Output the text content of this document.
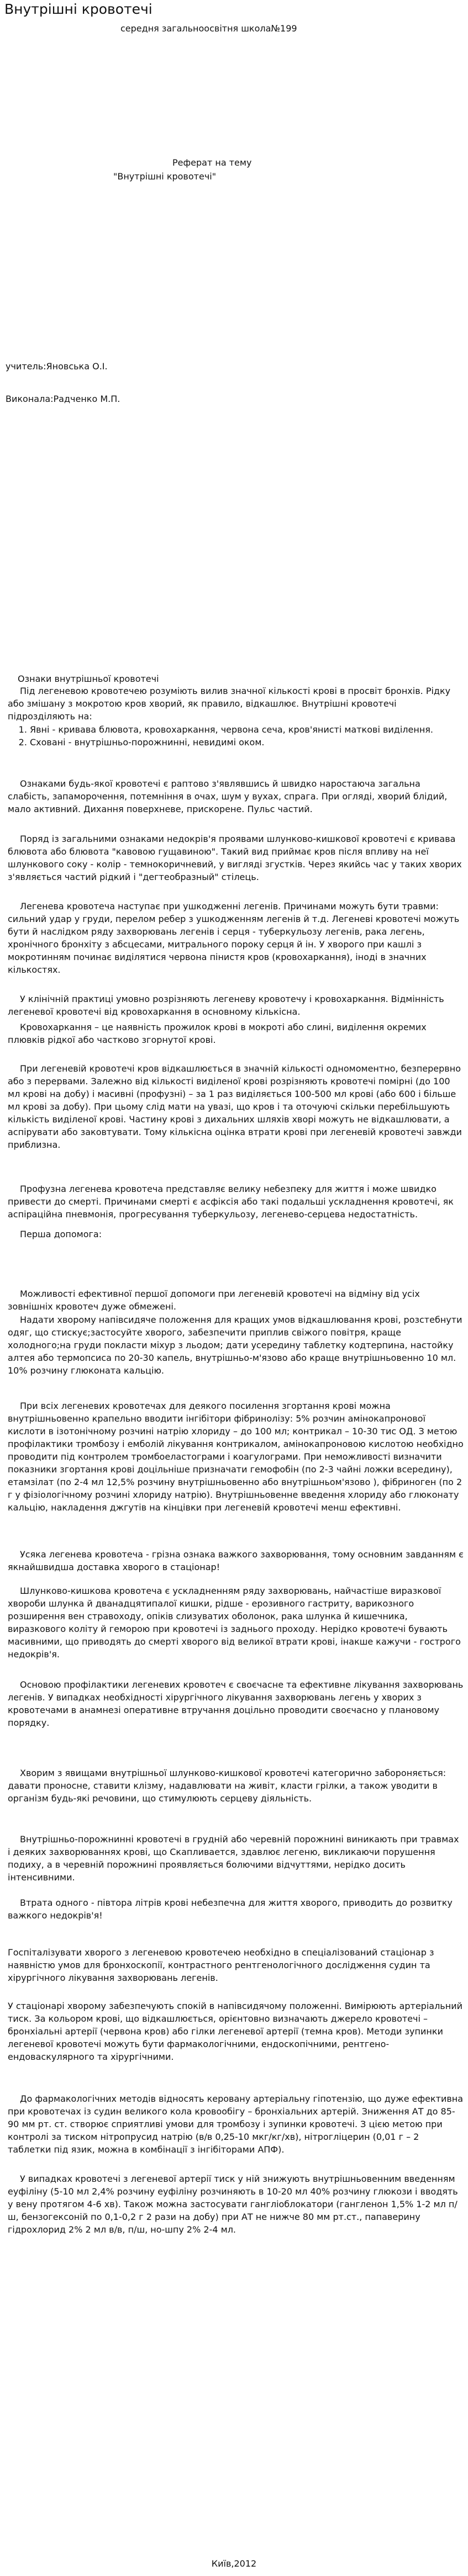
Внутрішні кровотечі
середня загальноосвітня школа№199
Реферат на тему
"Внутрішні кровотечі"
учитель:Яновська О.І.
Виконала:Радченко М.П.
Ознаки внутрішньої кровотечі

Під легеневою кровотечею розуміють вилив значної кількості крові в просвіт бронхів. Рідку або змішану з мокротою кров хворий, як правило, відкашлює. Внутрішні кровотечі підрозділяють на:

1. Явні - кривава блювота, кровохаркання, червона сеча, кров'янисті маткові виділення.
2. Сховані - внутрішньо-порожнинні, невидимі оком.

Ознаками будь-якої кровотечі є раптово з'являвшись й швидко наростаюча загальна слабість, запаморочення, потемніння в очах, шум у вухах, спрага. При огляді, хворий блідий, мало активний. Дихання поверхневе, прискорене. Пульс частий.

Поряд із загальними ознаками недокрів'я проявами шлунково-кишкової кровотечі є кривава блювота або блювота "кавовою гущавиною". Такий вид приймає кров після впливу на неї шлункового соку - колір - темнокоричневий, у вигляді згустків. Через якийсь час у таких хворих з'являється частий рідкий і "дегтеобразный" стілець.

Легенева кровотеча наступає при ушкодженні легенів. Причинами можуть бути травми: сильний удар у груди, перелом ребер з ушкодженням легенів й т.д. Легеневі кровотечі можуть бути й наслідком ряду захворювань легенів і серця - туберкульозу легенів, рака легень, хронічного бронхіту з абсцесами, митрального пороку серця й ін. У хворого при кашлі з мокротинням починає виділятися червона пінистя кров (кровохаркання), іноді в значних кількостях.

У клінічній практиці умовно розрізняють легеневу кровотечу і кровохаркання. Відмінність легеневої кровотечі від кровохаркання в основному кількісна.

Кровохаркання – це наявність прожилок крові в мокроті або слині, виділення окремих плювків рідкої або частково згорнутої крові.

При легеневій кровотечі кров відкашлюється в значній кількості одномоментно, безперервно або з перервами. Залежно від кількості виділеної крові розрізняють кровотечі помірні (до 100 мл крові на добу) і масивні (профузні) – за 1 раз виділяється 100-500 мл крові (або 600 і більше мл крові за добу). При цьому слід мати на увазі, що кров і та оточуючі скільки перебільшують кількість виділеної крові. Частину крові з дихальних шляхів хворі можуть не відкашлювати, а аспірувати або заковтувати. Тому кількісна оцінка втрати крові при легеневій кровотечі завжди приблизна.

Профузна легенева кровотеча представляє велику небезпеку для життя і може швидко привести до смерті. Причинами смерті є асфіксія або такі подальші ускладнення кровотечі, як аспіраційна пневмонія, прогресування туберкульозу, легенево-серцева недостатність.

Перша допомога:

Можливості ефективної першої допомоги при легеневій кровотечі на відміну від усіх зовнішніх кровотеч дуже обмежені.

Надати хворому напівсидяче положення для кращих умов відкашлювання крові, розстебнути одяг, що стискує;застосуйте хворого, забезпечити приплив свіжого повітря, краще холодного;на груди покласти міхур з льодом; дати усередину таблетку кодтерпина, настойку алтея або термопсиса по 20-30 капель, внутрішньо-м'язово або краще внутрішньовенно 10 мл. 10% розчину глюконата кальцію.

При всіх легеневих кровотечах для деякого посилення згортання крові можна внутрішньовенно крапельно вводити інгібітори фібринолізу: 5% розчин амінокапронової кислоти в ізотонічному розчині натрію хлориду – до 100 мл; контрикал – 10-30 тис ОД. З метою профілактики тромбозу і емболій лікування контрикалом, амінокапроновою кислотою необхідно проводити під контролем тромбоеластограми і коагулограми. При неможливості визначити показники згортання крові доцільніше призначати гемофобін (по 2-3 чайні ложки всередину), етамзілат (по 2-4 мл 12,5% розчину внутрішньовенно або внутрішньом'язово ), фібриноген (по 2 г у фізіологічному розчині хлориду натрію). Внутрішньовенне введення хлориду або глюконату кальцію, накладення джгутів на кінцівки при легеневій кровотечі менш ефективні.

Усяка легенева кровотеча - грізна ознака важкого захворювання, тому основним завданням є якнайшвидша доставка хворого в стаціонар!

Шлунково-кишкова кровотеча є ускладненням ряду захворювань, найчастіше виразкової хвороби шлунка й дванадцятипалої кишки, рідше - ерозивного гастриту, варикозного розширення вен стравоходу, опіків слизуватих оболонок, рака шлунка й кишечника, виразкового коліту й геморою при кровотечі із заднього проходу. Нерідко кровотечі бувають масивними, що приводять до смерті хворого від великої втрати крові, інакше кажучи - гострого недокрів'я.

Основою профілактики легеневих кровотеч є своєчасне та ефективне лікування захворювань легенів. У випадках необхідності хірургічного лікування захворювань легень у хворих з кровотечами в анамнезі оперативне втручання доцільно проводити своєчасно у плановому порядку.

Хворим з явищами внутрішньої шлунково-кишкової кровотечі категорично забороняється: давати проносне, ставити клізму, надавлювати на живіт, класти грілки, а також уводити в організм будь-які речовини, що стимулюють серцеву діяльність.

Внутрішньо-порожнинні кровотечі в грудній або черевній порожнині виникають при травмах і деяких захворюваннях крові, що Скапливается, здавлює легеню, викликаючи порушення подиху, а в черевній порожнині проявляється болючими відчуттями, нерідко досить інтенсивними.

Втрата одного - півтора літрів крові небезпечна для життя хворого, приводить до розвитку важкого недокрів'я!

Госпіталізувати хворого з легеневою кровотечею необхідно в спеціалізований стаціонар з наявністю умов для бронхоскопії, контрастного рентгенологічного дослідження судин та хірургічного лікування захворювань легенів.

У стаціонарі хворому забезпечують спокій в напівсидячому положенні. Вимірюють артеріальний тиск. За кольором крові, що відкашлюється, орієнтовно визначають джерело кровотечі – бронхіальні артерії (червона кров) або гілки легеневої артерії (темна кров). Методи зупинки легеневої кровотечі можуть бути фармакологічними, ендоскопічними, рентгено-ендоваскулярного та хірургічними.

До фармакологічних методів відносять керовану артеріальну гіпотензію, що дуже ефективна при кровотечах із судин великого кола кровообігу – бронхіальних артерій. Зниження АТ до 85-90 мм рт. ст. створює сприятливі умови для тромбозу і зупинки кровотечі. З цією метою при контролі за тиском нітропрусид натрію (в/в 0,25-10 мкг/кг/хв), нітрогліцерин (0,01 г – 2 таблетки під язик, можна в комбінації з інгібіторами АПФ).

У випадках кровотечі з легеневої артерії тиск у ній знижують внутрішньовенним введенням еуфіліну (5-10 мл 2,4% розчину еуфіліну розчиняють в 10-20 мл 40% розчину глюкози і вводять у вену протягом 4-6 хв). Також можна застосувати гангліоблокатори (гангленон 1,5% 1-2 мл п/ш, бензогексоній по 0,1-0,2 г 2 рази на добу) при АТ не нижче 80 мм рт.ст., папаверину гідрохлорид 2% 2 мл в/в, п/ш, но-шпу 2% 2-4 мл.

Київ,2012
